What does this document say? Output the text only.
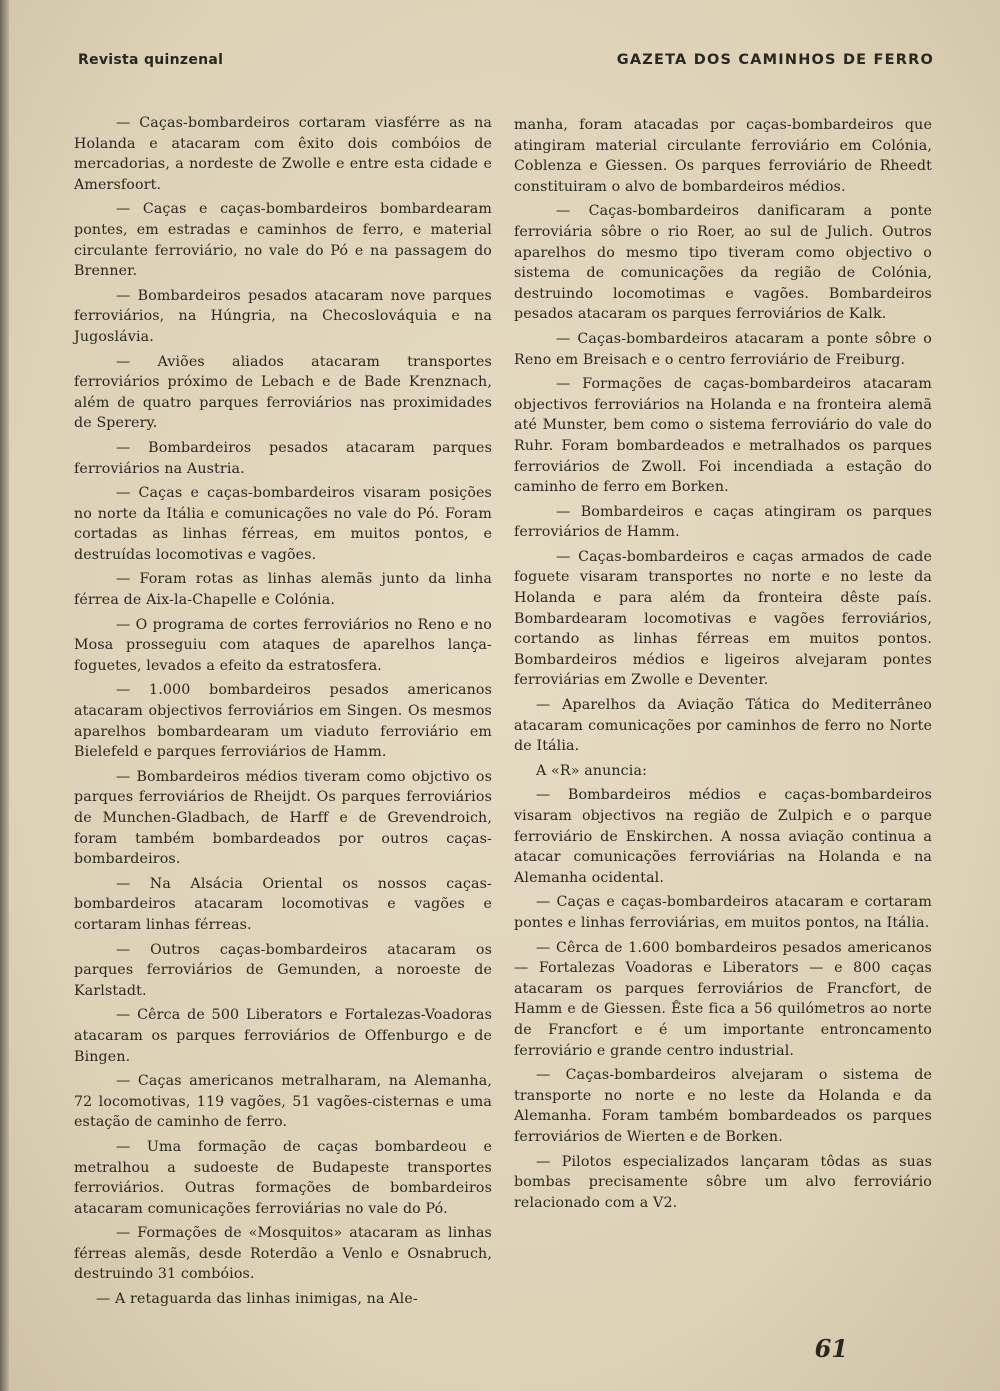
Revista quinzenal	GAZETA DOS CAMINHOS DE FERRO

— Caças-bombardeiros cortaram viasférre as na Holanda e atacaram com êxito dois combóios de mercadorias, a nordeste de Zwolle e entre esta cidade e Amersfoort.

— Caças e caças-bombardeiros bombardearam pontes, em estradas e caminhos de ferro, e material circulante ferroviário, no vale do Pó e na passagem do Brenner.

— Bombardeiros pesados atacaram nove parques ferroviários, na Húngria, na Checoslováquia e na Jugoslávia.

— Aviões aliados atacaram transportes ferroviários próximo de Lebach e de Bade Krenznach, além de quatro parques ferroviários nas proximidades de Sperery.

— Bombardeiros pesados atacaram parques ferroviários na Austria.

— Caças e caças-bombardeiros visaram posições no norte da Itália e comunicações no vale do Pó. Foram cortadas as linhas férreas, em muitos pontos, e destruídas locomotivas e vagões.

— Foram rotas as linhas alemãs junto da linha férrea de Aix-la-Chapelle e Colónia.

— O programa de cortes ferroviários no Reno e no Mosa prosseguiu com ataques de aparelhos lança-foguetes, levados a efeito da estratosfera.

— 1.000 bombardeiros pesados americanos atacaram objectivos ferroviários em Singen. Os mesmos aparelhos bombardearam um viaduto ferroviário em Bielefeld e parques ferroviários de Hamm.

— Bombardeiros médios tiveram como objctivo os parques ferroviários de Rheijdt. Os parques ferroviários de Munchen-Gladbach, de Harff e de Grevendroich, foram também bombardeados por outros caças-bombardeiros.

— Na Alsácia Oriental os nossos caças-bombardeiros atacaram locomotivas e vagões e cortaram linhas férreas.

— Outros caças-bombardeiros atacaram os parques ferroviários de Gemunden, a noroeste de Karlstadt.

— Cêrca de 500 Liberators e Fortalezas-Voadoras atacaram os parques ferroviários de Offenburgo e de Bingen.

— Caças americanos metralharam, na Alemanha, 72 locomotivas, 119 vagões, 51 vagões-cisternas e uma estação de caminho de ferro.

— Uma formação de caças bombardeou e metralhou a sudoeste de Budapeste transportes ferroviários. Outras formações de bombardeiros atacaram comunicações ferroviárias no vale do Pó.

— Formações de «Mosquitos» atacaram as linhas férreas alemãs, desde Roterdão a Venlo e Osnabruch, destruindo 31 combóios.

— A retaguarda das linhas inimigas, na Ale-

manha, foram atacadas por caças-bombardeiros que atingiram material circulante ferroviário em Colónia, Coblenza e Giessen. Os parques ferroviário de Rheedt constituiram o alvo de bombardeiros médios.

— Caças-bombardeiros danificaram a ponte ferroviária sôbre o rio Roer, ao sul de Julich. Outros aparelhos do mesmo tipo tiveram como objectivo o sistema de comunicações da região de Colónia, destruindo locomotimas e vagões. Bombardeiros pesados atacaram os parques ferroviários de Kalk.

— Caças-bombardeiros atacaram a ponte sôbre o Reno em Breisach e o centro ferroviário de Freiburg.

— Formações de caças-bombardeiros atacaram objectivos ferroviários na Holanda e na fronteira alemã até Munster, bem como o sistema ferroviário do vale do Ruhr. Foram bombardeados e metralhados os parques ferroviários de Zwoll. Foi incendiada a estação do caminho de ferro em Borken.

— Bombardeiros e caças atingiram os parques ferroviários de Hamm.

— Caças-bombardeiros e caças armados de cade foguete visaram transportes no norte e no leste da Holanda e para além da fronteira dêste país. Bombardearam locomotivas e vagões ferroviários, cortando as linhas férreas em muitos pontos. Bombardeiros médios e ligeiros alvejaram pontes ferroviárias em Zwolle e Deventer.

— Aparelhos da Aviação Tática do Mediterrâneo atacaram comunicações por caminhos de ferro no Norte de Itália.

A «R» anuncia:

— Bombardeiros médios e caças-bombardeiros visaram objectivos na região de Zulpich e o parque ferroviário de Enskirchen. A nossa aviação continua a atacar comunicações ferroviárias na Holanda e na Alemanha ocidental.

— Caças e caças-bombardeiros atacaram e cortaram pontes e linhas ferroviárias, em muitos pontos, na Itália.

— Cêrca de 1.600 bombardeiros pesados americanos — Fortalezas Voadoras e Liberators — e 800 caças atacaram os parques ferroviários de Francfort, de Hamm e de Giessen. Êste fica a 56 quilómetros ao norte de Francfort e é um importante entroncamento ferroviário e grande centro industrial.

— Caças-bombardeiros alvejaram o sistema de transporte no norte e no leste da Holanda e da Alemanha. Foram também bombardeados os parques ferroviários de Wierten e de Borken.

— Pilotos especializados lançaram tôdas as suas bombas precisamente sôbre um alvo ferroviário relacionado com a V2.

61
